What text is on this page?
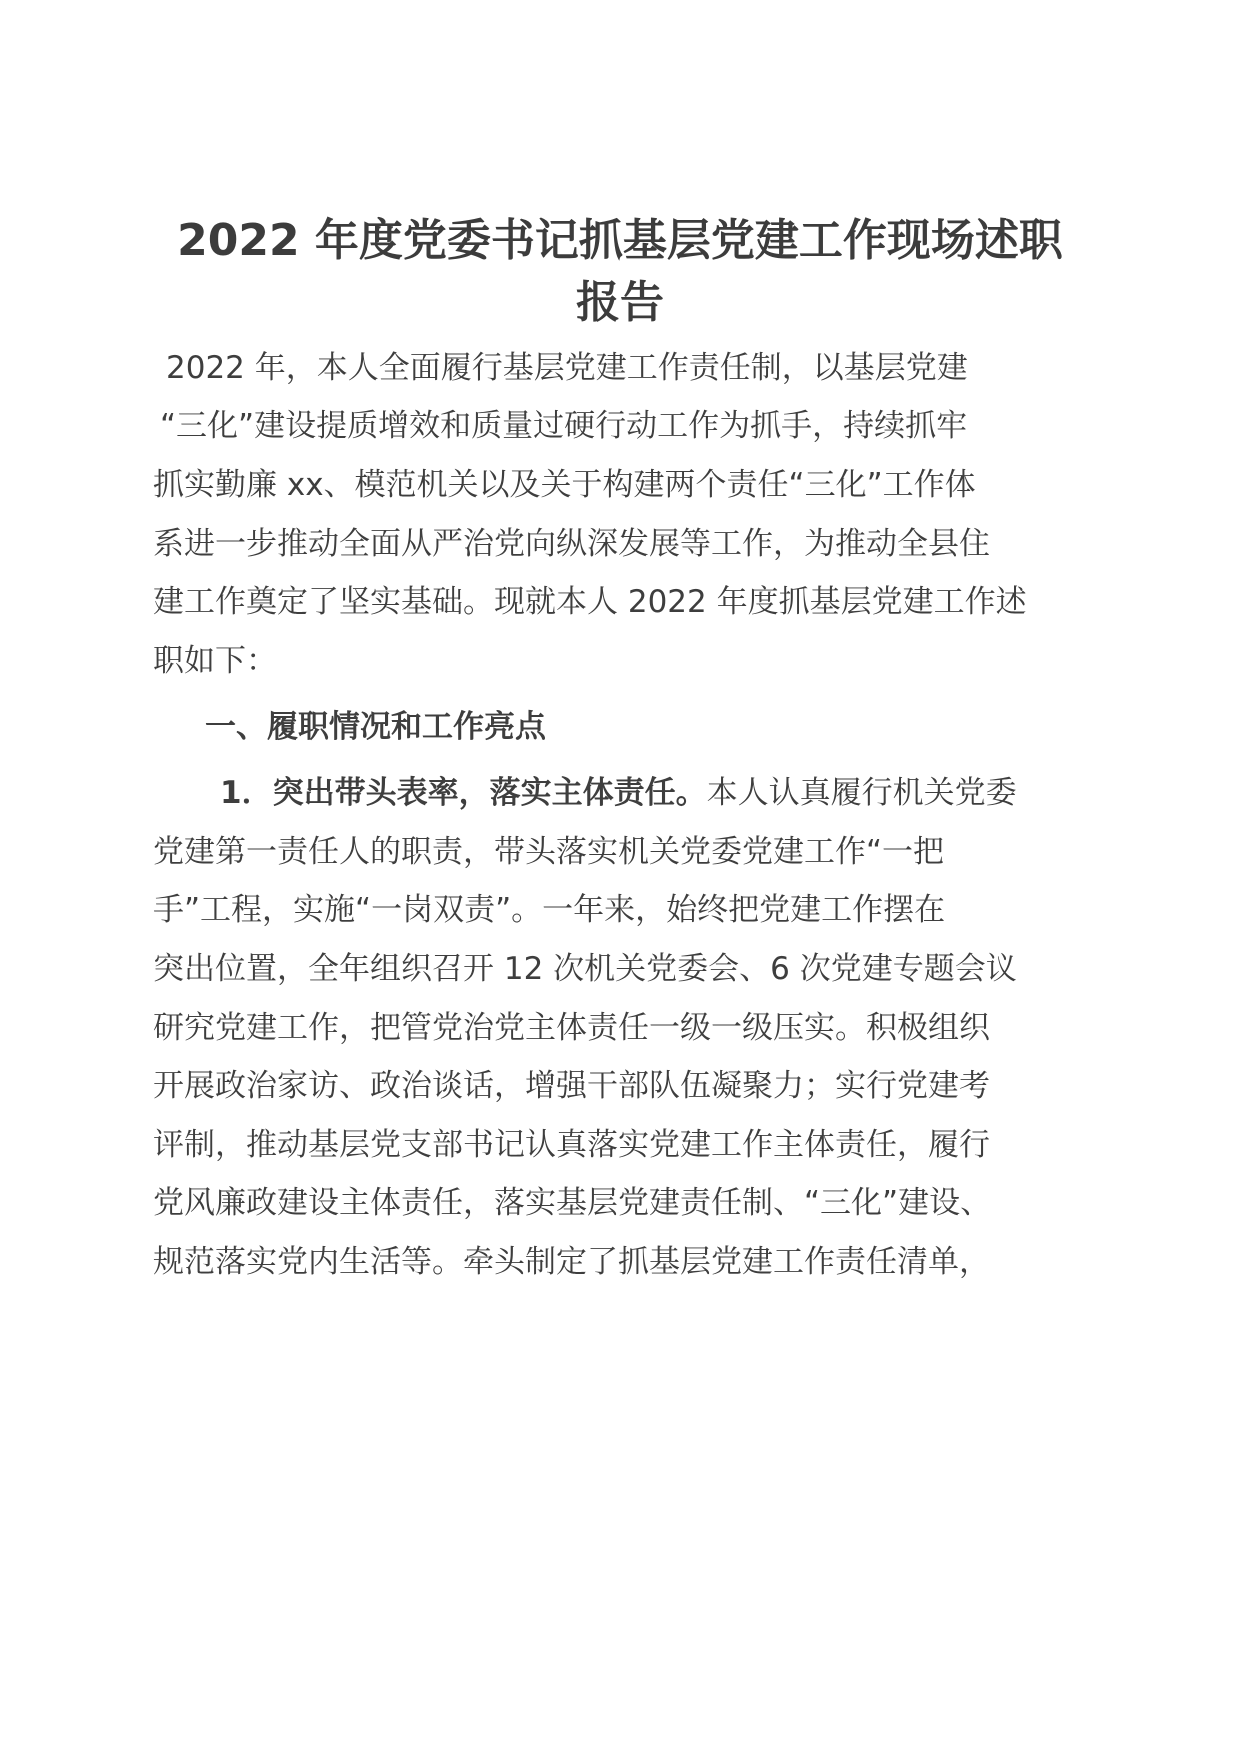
2022 年度党委书记抓基层党建工作现场述职
报告
2022 年，本人全面履行基层党建工作责任制，以基层党建
“三化”建设提质增效和质量过硬行动工作为抓手，持续抓牢
抓实勤廉 xx、模范机关以及关于构建两个责任“三化”工作体
系进一步推动全面从严治党向纵深发展等工作，为推动全县住
建工作奠定了坚实基础。现就本人 2022 年度抓基层党建工作述
职如下：
一、履职情况和工作亮点
1．突出带头表率，落实主体责任。本人认真履行机关党委
党建第一责任人的职责，带头落实机关党委党建工作“一把
手”工程，实施“一岗双责”。一年来，始终把党建工作摆在
突出位置，全年组织召开 12 次机关党委会、6 次党建专题会议
研究党建工作，把管党治党主体责任一级一级压实。积极组织
开展政治家访、政治谈话，增强干部队伍凝聚力；实行党建考
评制，推动基层党支部书记认真落实党建工作主体责任，履行
党风廉政建设主体责任，落实基层党建责任制、“三化”建设、
规范落实党内生活等。牵头制定了抓基层党建工作责任清单，
